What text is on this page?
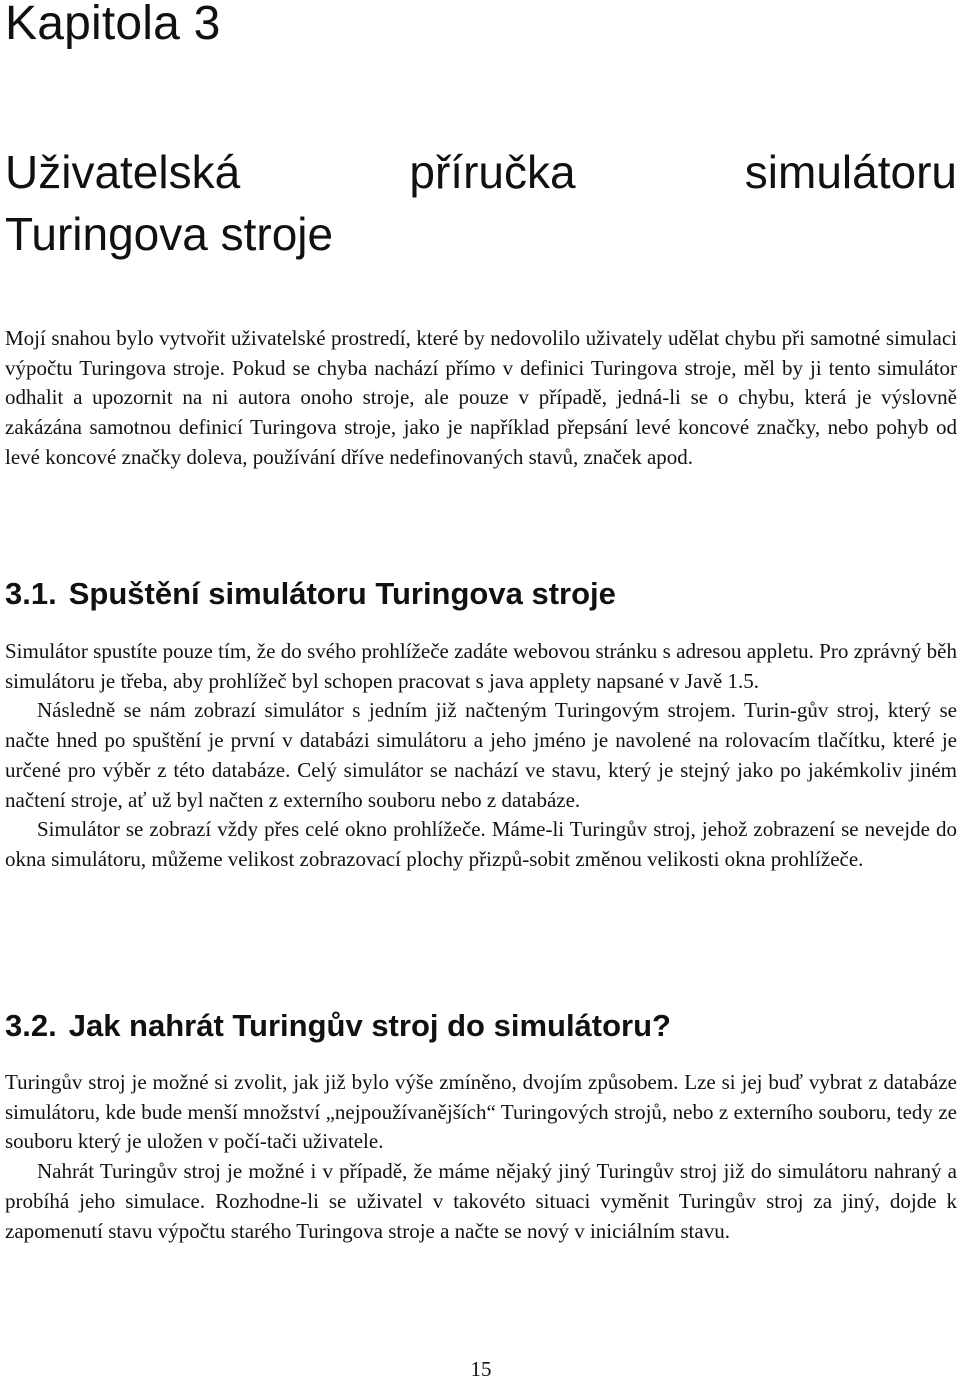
Kapitola 3
Uživatelská	příručka	simulátoru
Turingova stroje

Mojí snahou bylo vytvořit uživatelské prostredí, které by nedovolilo uživately udělat chybu při samotné simulaci výpočtu Turingova stroje. Pokud se chyba nachází přímo v definici Turingova stroje, měl by ji tento simulátor odhalit a upozornit na ni autora onoho stroje, ale pouze v případě, jedná-li se o chybu, která je výslovně zakázána samotnou definicí Turingova stroje, jako je například přepsání levé koncové značky, nebo pohyb od levé koncové značky doleva, používání dříve nedefinovaných stavů, značek apod.

3.1. Spuštění simulátoru Turingova stroje

Simulátor spustíte pouze tím, že do svého prohlížeče zadáte webovou stránku s adresou appletu. Pro zprávný běh simulátoru je třeba, aby prohlížeč byl schopen pracovat s java applety napsané v Javě 1.5.

Následně se nám zobrazí simulátor s jedním již načteným Turingovým strojem. Turin-gův stroj, který se načte hned po spuštění je první v databázi simulátoru a jeho jméno je navolené na rolovacím tlačítku, které je určené pro výběr z této databáze. Celý simulátor se nachází ve stavu, který je stejný jako po jakémkoliv jiném načtení stroje, ať už byl načten z externího souboru nebo z databáze.

Simulátor se zobrazí vždy přes celé okno prohlížeče. Máme-li Turingův stroj, jehož zobrazení se nevejde do okna simulátoru, můžeme velikost zobrazovací plochy přizpů-sobit změnou velikosti okna prohlížeče.

3.2. Jak nahrát Turingův stroj do simulátoru?

Turingův stroj je možné si zvolit, jak již bylo výše zmíněno, dvojím způsobem. Lze si jej buď vybrat z databáze simulátoru, kde bude menší množství „nejpoužívanějších“ Turingových strojů, nebo z externího souboru, tedy ze souboru který je uložen v počí-tači uživatele.

Nahrát Turingův stroj je možné i v případě, že máme nějaký jiný Turingův stroj již do simulátoru nahraný a probíhá jeho simulace. Rozhodne-li se uživatel v takovéto situaci vyměnit Turingův stroj za jiný, dojde k zapomenutí stavu výpočtu starého Turingova stroje a načte se nový v iniciálním stavu.

15
